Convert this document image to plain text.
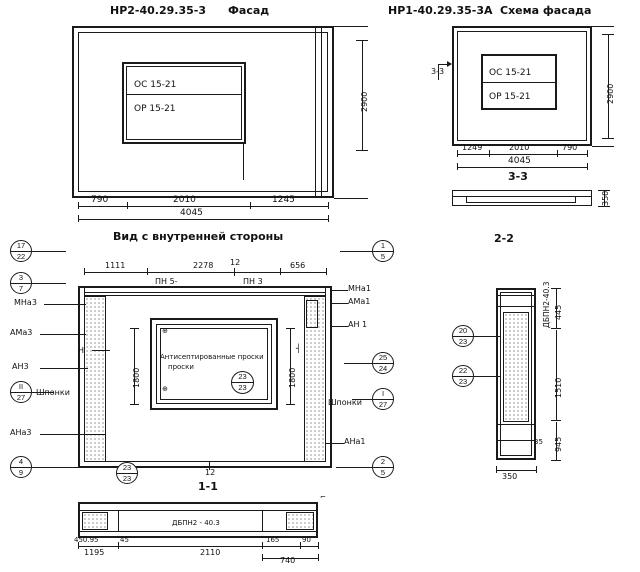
НР2-40.29.35-3 Фасад
ОС 15-21
ОР 15-21	2900
790	2010	1245
4045
НР1-40.29.35-3A Схема фасада
ОС 15-21
ОР 15-21
3-3
2900
1249	2010	790
4045
3-3
350
Вид с внутренней стороны
⊕
⊕
Антисептированные проски
проски
23
23
1111	2278	656
ПН 5-	ПН 3
12
1800	1800
МНа1
АМа1
АН 1
АНа1
МНа3
АМа3
АН3
АНа3
Шпонки
Шпонки
Н	┤
12
17
22
3
7
II
27
4
9
23
23
1
5
25
24
I
27
2
5
2-2
ДБПН2-40.3 445
1510
945
35
350
20
23
22
23
1-1
ДБПН2 - 40.3
⌐
450.95	45	165	90
1195	2110
740
